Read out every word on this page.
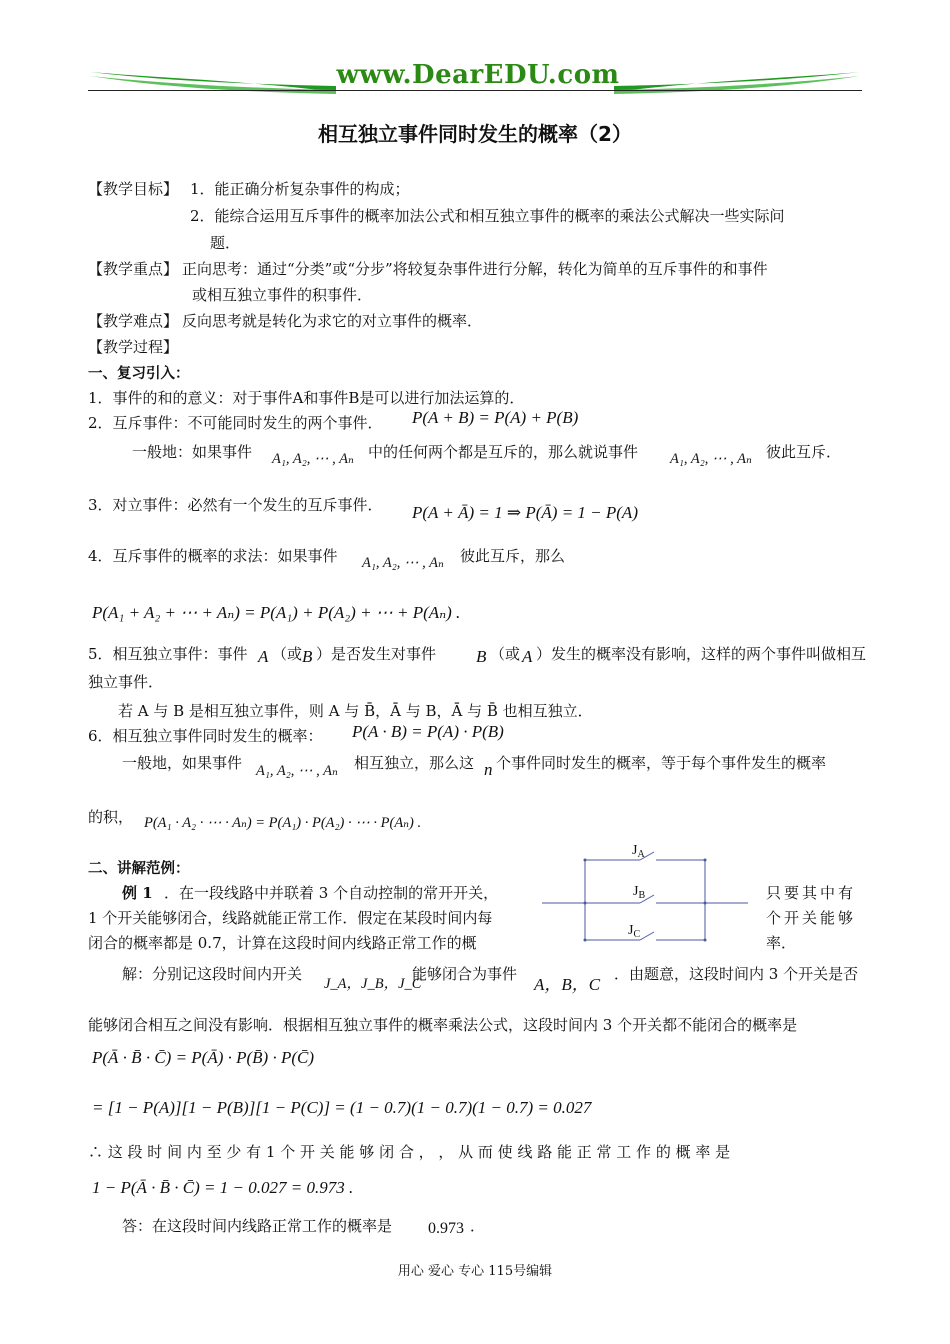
www.DearEDU.com
相互独立事件同时发生的概率（2）
【教学目标】 1．能正确分析复杂事件的构成；
2．能综合运用互斥事件的概率加法公式和相互独立事件的概率的乘法公式解决一些实际问
题．
【教学重点】 正向思考：通过“分类”或“分步”将较复杂事件进行分解，转化为简单的互斥事件的和事件
或相互独立事件的积事件．
【教学难点】 反向思考就是转化为求它的对立事件的概率．
【教学过程】
一、复习引入：
1．事件的和的意义：对于事件A和事件B是可以进行加法运算的．
2．互斥事件：不可能同时发生的两个事件． P(A + B) = P(A) + P(B)
一般地：如果事件 A₁, A₂, ⋯ , Aₙ 中的任何两个都是互斥的，那么就说事件 A₁, A₂, ⋯ , Aₙ 彼此互斥．
3．对立事件：必然有一个发生的互斥事件． P(A + Ā) = 1 ⇒ P(Ā) = 1 − P(A)
4．互斥事件的概率的求法：如果事件 A₁, A₂, ⋯ , Aₙ 彼此互斥，那么
P(A₁ + A₂ + ⋯ + Aₙ) = P(A₁) + P(A₂) + ⋯ + P(Aₙ) .
5．相互独立事件：事件 A （或 B ）是否发生对事件 B （或 A ）发生的概率没有影响，这样的两个事件叫做相互
独立事件．
若 A 与 B 是相互独立事件，则 A 与 B̄，Ā 与 B，Ā 与 B̄ 也相互独立．
6．相互独立事件同时发生的概率： P(A · B) = P(A) · P(B)
一般地，如果事件 A₁, A₂, ⋯ , Aₙ 相互独立，那么这 n 个事件同时发生的概率，等于每个事件发生的概率
的积， P(A₁ · A₂ · ⋯ · Aₙ) = P(A₁) · P(A₂) · ⋯ · P(Aₙ) .
二、讲解范例：
例 1 ．在一段线路中并联着 3 个自动控制的常开开关，	只要其中有
1 个开关能够闭合，线路就能正常工作．假定在某段时间内每	个开关能够
闭合的概率都是 0.7，计算在这段时间内线路正常工作的概	率．
$J_A$
$J_B$
$J_C$
解：分别记这段时间内开关
J_A，J_B，J_C
能够闭合为事件
A，B，C
．由题意，这段时间内 3 个开关是否
能够闭合相互之间没有影响．根据相互独立事件的概率乘法公式，这段时间内 3 个开关都不能闭合的概率是
P(Ā · B̄ · C̄) = P(Ā) · P(B̄) · P(C̄)
= [1 − P(A)][1 − P(B)][1 − P(C)] = (1 − 0.7)(1 − 0.7)(1 − 0.7) = 0.027
∴ 这 段 时 间 内 至 少 有 1 个 开 关 能 够 闭 合 ， ， 从 而 使 线 路 能 正 常 工 作 的 概 率 是
1 − P(Ā · B̄ · C̄) = 1 − 0.027 = 0.973 .
答：在这段时间内线路正常工作的概率是 0.973 ．
用心 爱心 专心 115号编辑
